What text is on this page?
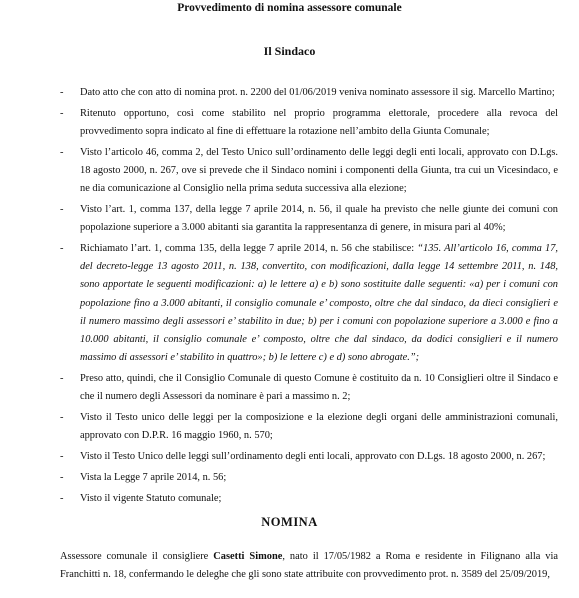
Provvedimento di nomina assessore comunale
Il Sindaco
- Dato atto che con atto di nomina prot. n. 2200 del 01/06/2019 veniva nominato assessore il sig. Marcello Martino;
- Ritenuto opportuno, così come stabilito nel proprio programma elettorale, procedere alla revoca del provvedimento sopra indicato al fine di effettuare la rotazione nell’ambito della Giunta Comunale;
- Visto l’articolo 46, comma 2, del Testo Unico sull’ordinamento delle leggi degli enti locali, approvato con D.Lgs. 18 agosto 2000, n. 267, ove si prevede che il Sindaco nomini i componenti della Giunta, tra cui un Vicesindaco, e ne dia comunicazione al Consiglio nella prima seduta successiva alla elezione;
- Visto l’art. 1, comma 137, della legge 7 aprile 2014, n. 56, il quale ha previsto che nelle giunte dei comuni con popolazione superiore a 3.000 abitanti sia garantita la rappresentanza di genere, in misura pari al 40%;
- Richiamato l’art. 1, comma 135, della legge 7 aprile 2014, n. 56 che stabilisce: “135. All’articolo 16, comma 17, del decreto-legge 13 agosto 2011, n. 138, convertito, con modificazioni, dalla legge 14 settembre 2011, n. 148, sono apportate le seguenti modificazioni: a) le lettere a) e b) sono sostituite dalle seguenti: «a) per i comuni con popolazione fino a 3.000 abitanti, il consiglio comunale e’ composto, oltre che dal sindaco, da dieci consiglieri e il numero massimo degli assessori e’ stabilito in due; b) per i comuni con popolazione superiore a 3.000 e fino a 10.000 abitanti, il consiglio comunale e’ composto, oltre che dal sindaco, da dodici consiglieri e il numero massimo di assessori e’ stabilito in quattro»; b) le lettere c) e d) sono abrogate.”;
- Preso atto, quindi, che il Consiglio Comunale di questo Comune è costituito da n. 10 Consiglieri oltre il Sindaco e che il numero degli Assessori da nominare è pari a massimo n. 2;
- Visto il Testo unico delle leggi per la composizione e la elezione degli organi delle amministrazioni comunali, approvato con D.P.R. 16 maggio 1960, n. 570;
- Visto il Testo Unico delle leggi sull’ordinamento degli enti locali, approvato con D.Lgs. 18 agosto 2000, n. 267;
- Vista la Legge 7 aprile 2014, n. 56;
- Visto il vigente Statuto comunale;
NOMINA
Assessore comunale il consigliere Casetti Simone, nato il 17/05/1982 a Roma e residente in Filignano alla via Franchitti n. 18, confermando le deleghe che gli sono state attribuite con provvedimento prot. n. 3589 del 25/09/2019,
